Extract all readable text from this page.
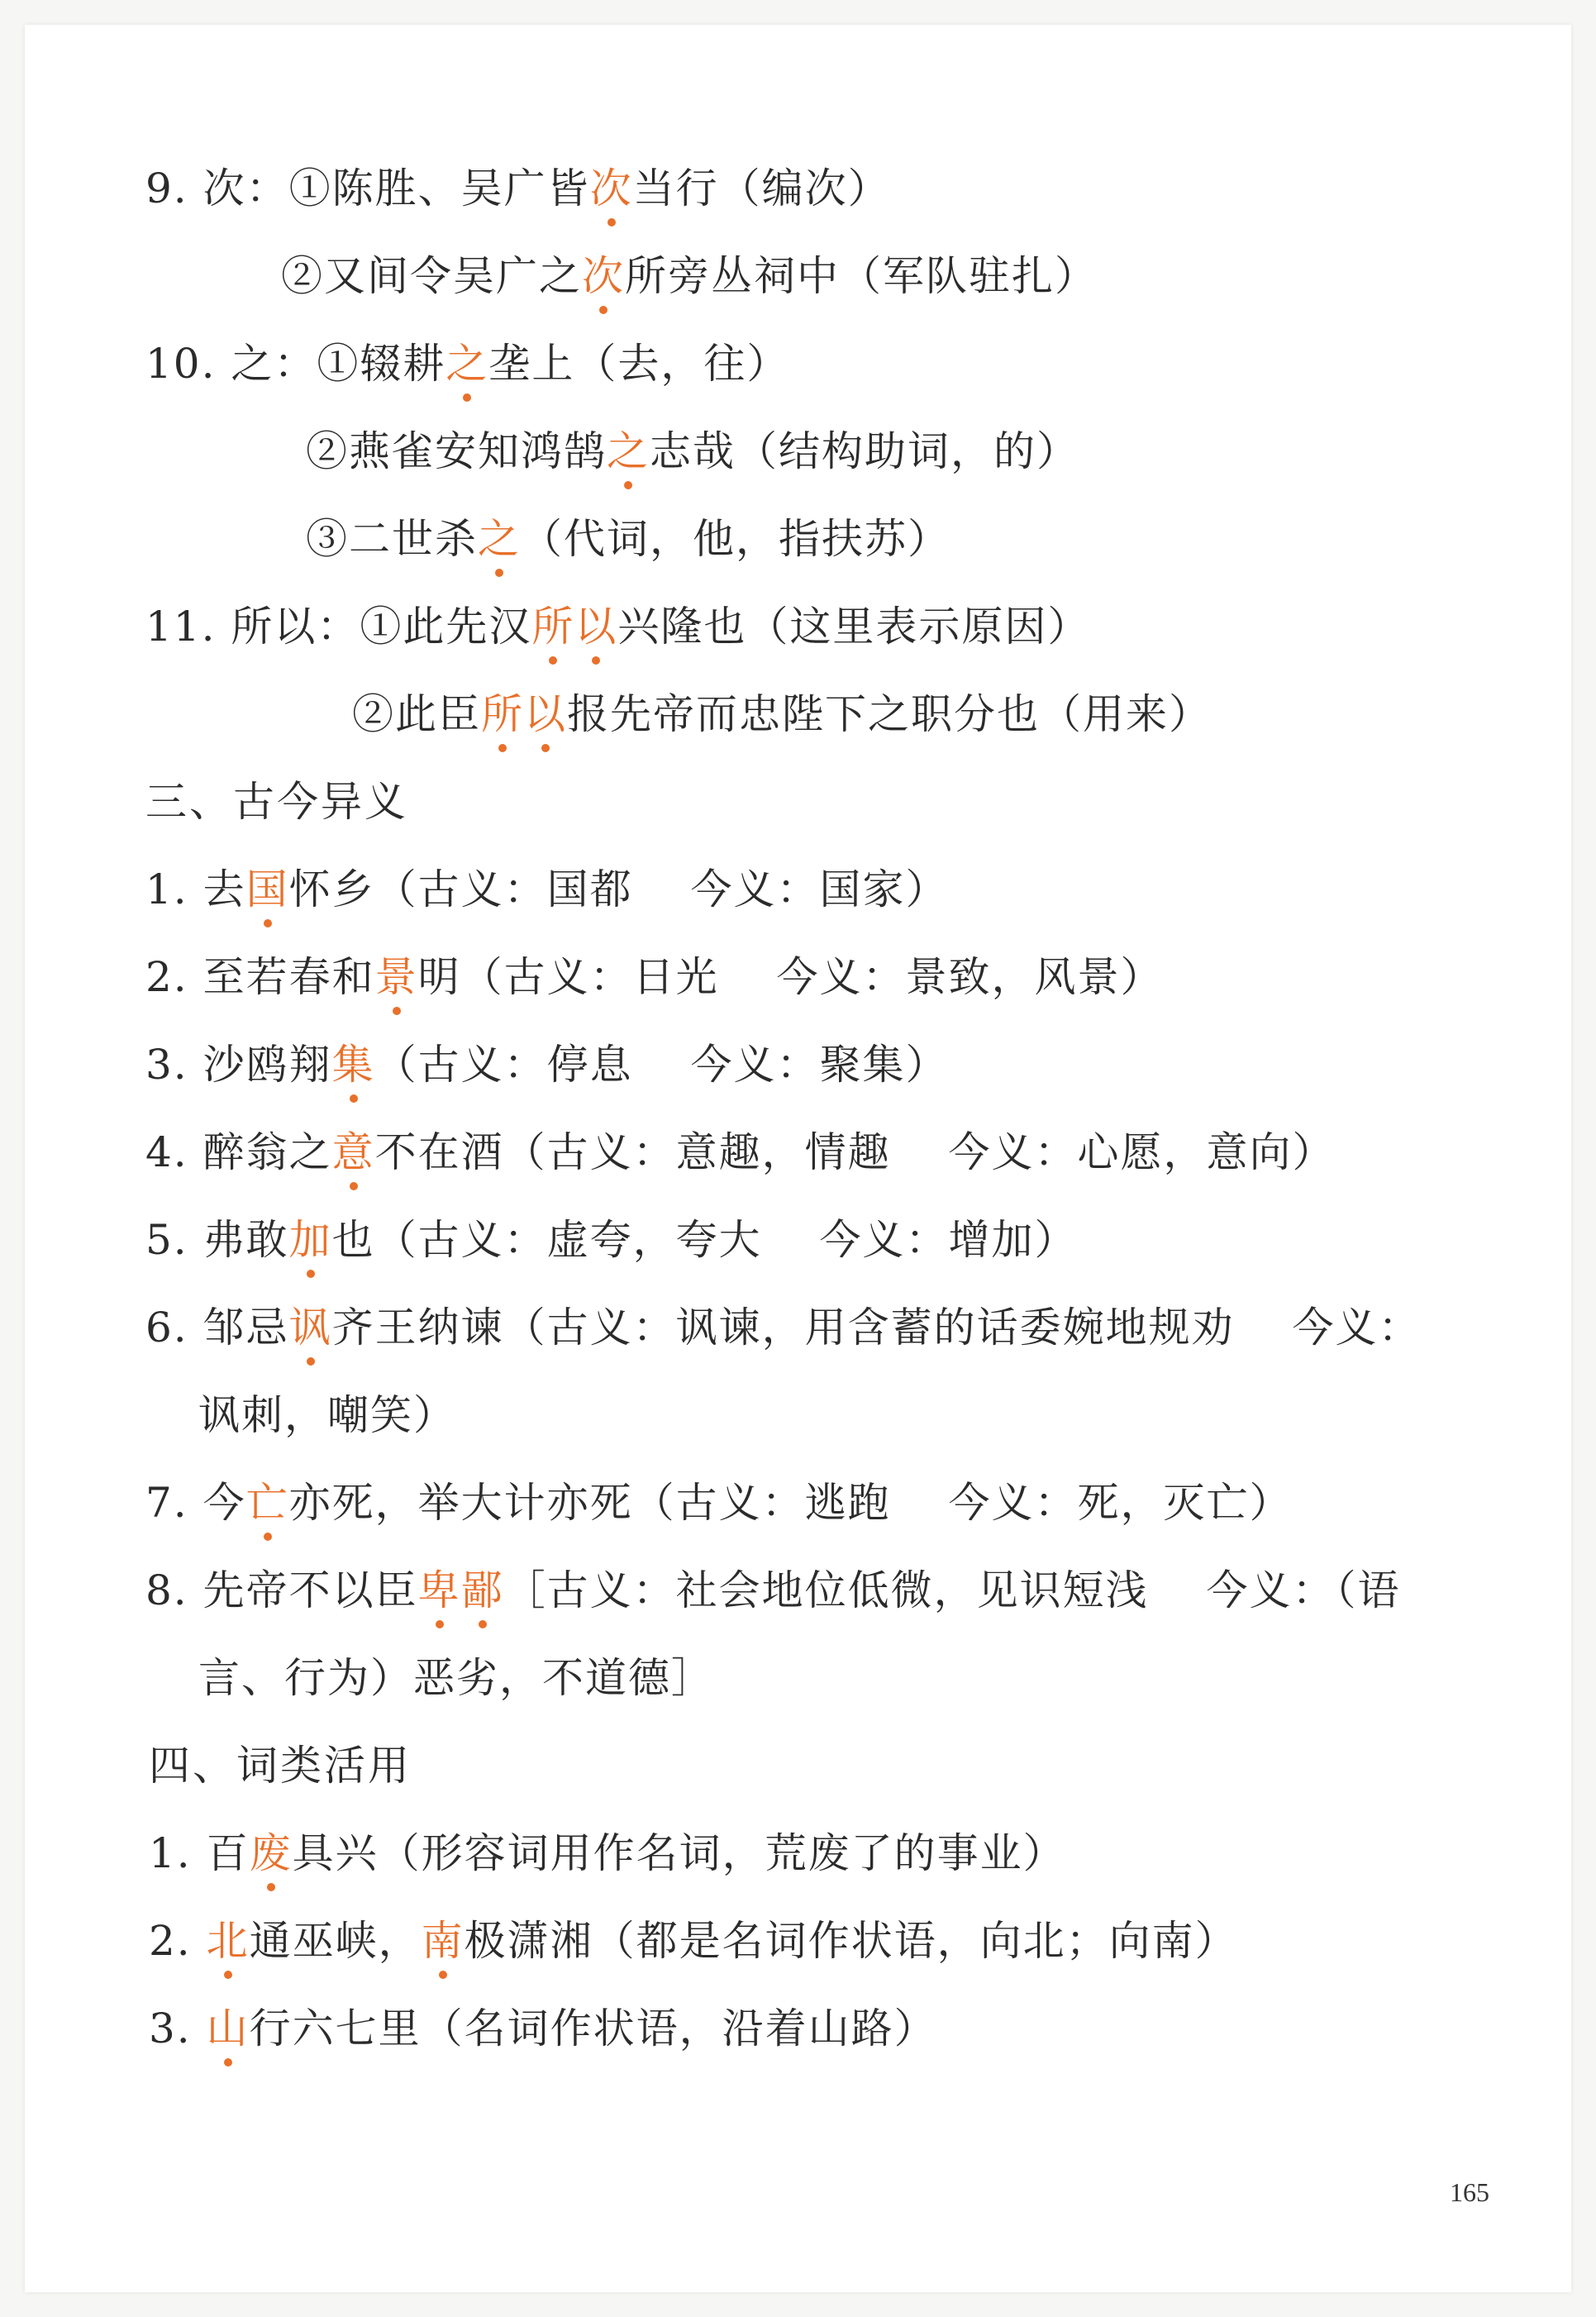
9. 次：①陈胜、吴广皆次当行（编次）
②又间令吴广之次所旁丛祠中（军队驻扎）
10. 之：①辍耕之垄上（去，往）
②燕雀安知鸿鹄之志哉（结构助词，的）
③二世杀之（代词，他，指扶苏）
11. 所以：①此先汉所以兴隆也（这里表示原因）
②此臣所以报先帝而忠陛下之职分也（用来）
三、古今异义
1. 去国怀乡（古义：国都　 今义：国家）
2. 至若春和景明（古义：日光　 今义：景致，风景）
3. 沙鸥翔集（古义：停息　 今义：聚集）
4. 醉翁之意不在酒（古义：意趣，情趣　 今义：心愿，意向）
5. 弗敢加也（古义：虚夸，夸大　 今义：增加）
6. 邹忌讽齐王纳谏（古义：讽谏，用含蓄的话委婉地规劝　 今义：
讽刺，嘲笑）
7. 今亡亦死，举大计亦死（古义：逃跑　 今义：死，灭亡）
8. 先帝不以臣卑鄙［古义：社会地位低微，见识短浅　 今义：（语
言、行为）恶劣，不道德］
四、词类活用
1. 百废具兴（形容词用作名词，荒废了的事业）
2. 北通巫峡，南极潇湘（都是名词作状语，向北；向南）
3. 山行六七里（名词作状语，沿着山路）
165
